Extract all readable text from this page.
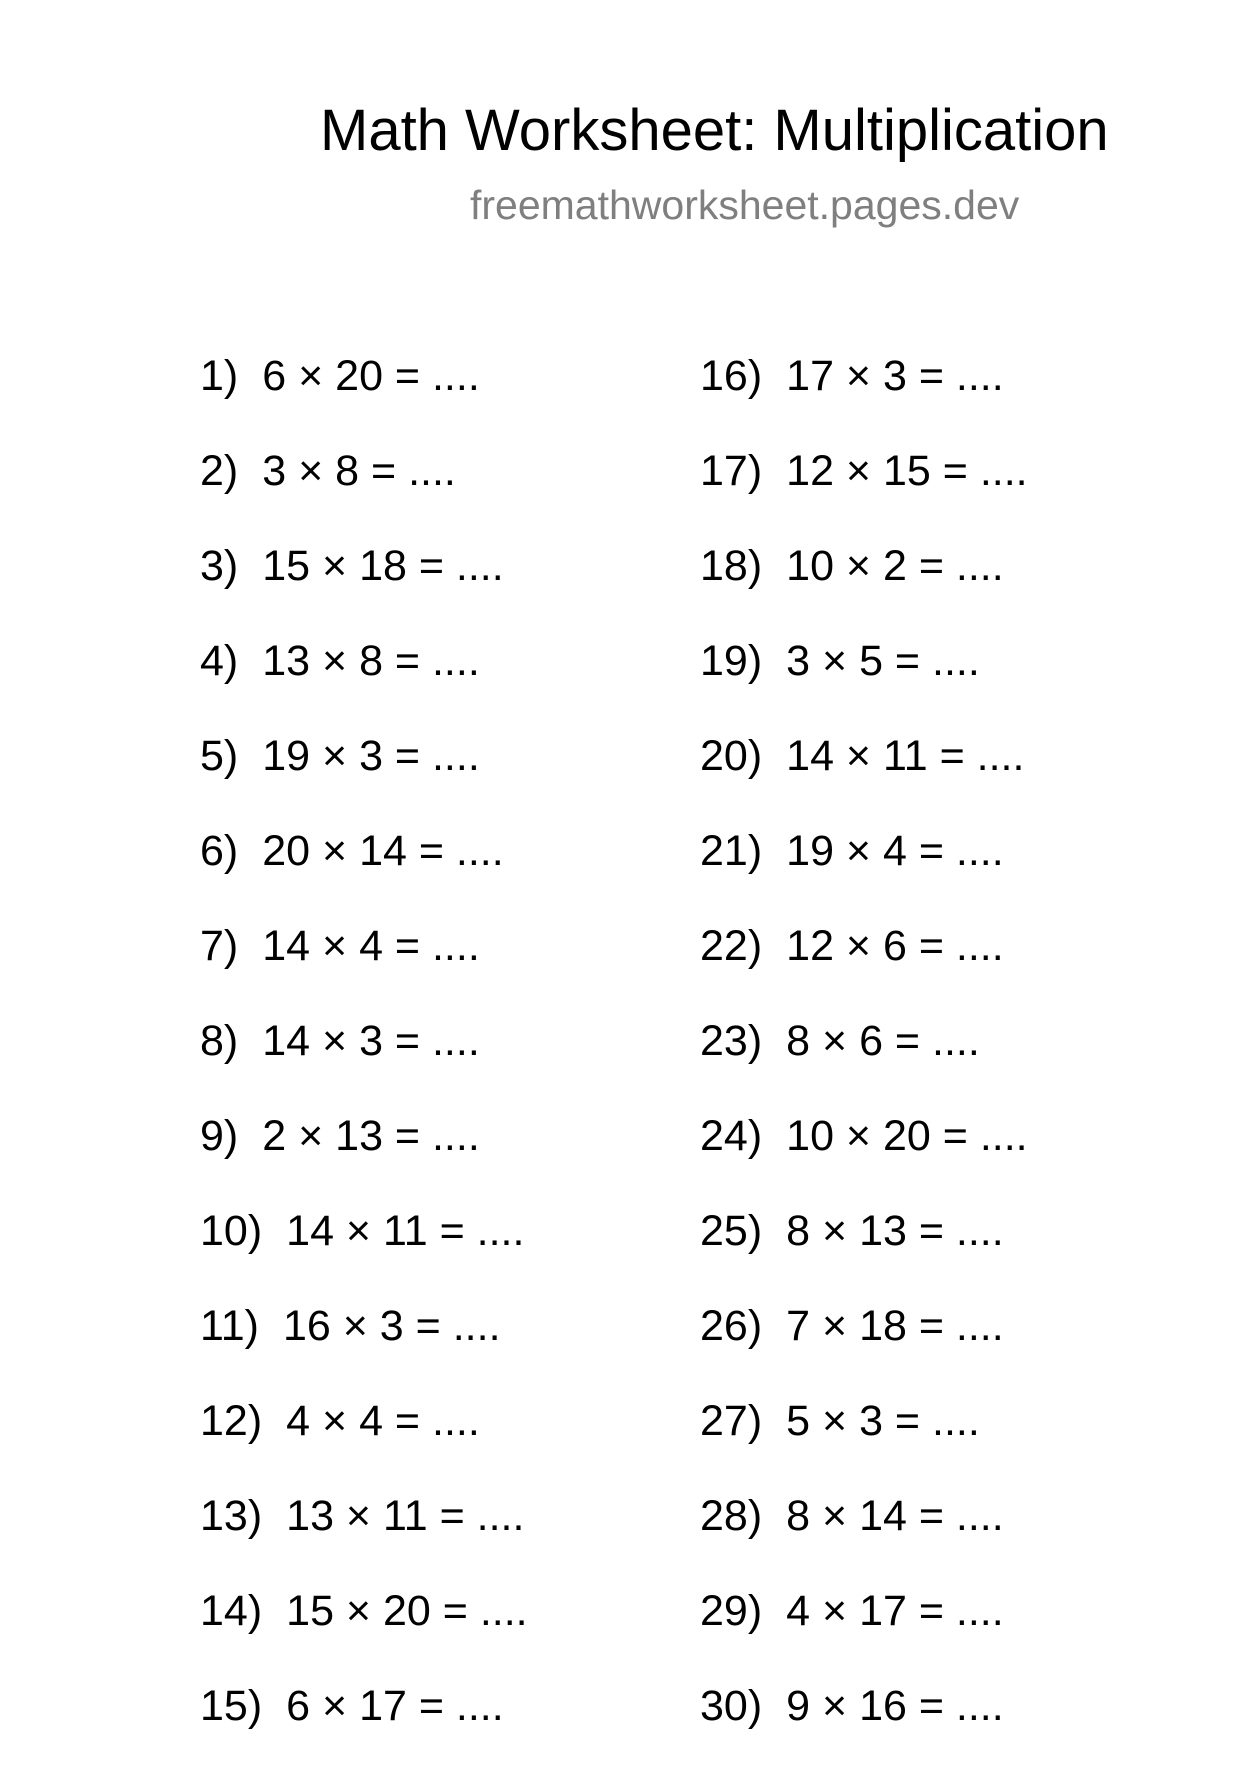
Math Worksheet: Multiplication
freemathworksheet.pages.dev
1) 6 × 20 = ....
2) 3 × 8 = ....
3) 15 × 18 = ....
4) 13 × 8 = ....
5) 19 × 3 = ....
6) 20 × 14 = ....
7) 14 × 4 = ....
8) 14 × 3 = ....
9) 2 × 13 = ....
10) 14 × 11 = ....
11) 16 × 3 = ....
12) 4 × 4 = ....
13) 13 × 11 = ....
14) 15 × 20 = ....
15) 6 × 17 = ....
16) 17 × 3 = ....
17) 12 × 15 = ....
18) 10 × 2 = ....
19) 3 × 5 = ....
20) 14 × 11 = ....
21) 19 × 4 = ....
22) 12 × 6 = ....
23) 8 × 6 = ....
24) 10 × 20 = ....
25) 8 × 13 = ....
26) 7 × 18 = ....
27) 5 × 3 = ....
28) 8 × 14 = ....
29) 4 × 17 = ....
30) 9 × 16 = ....
